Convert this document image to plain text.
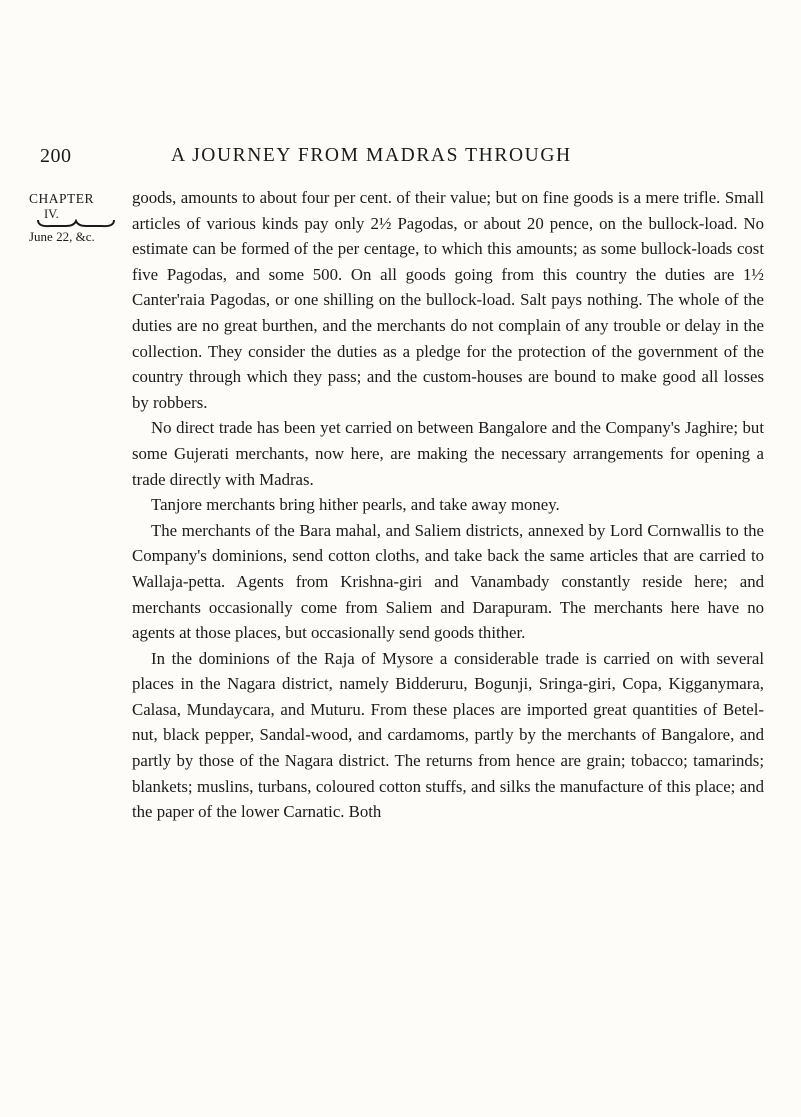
200	A JOURNEY FROM MADRAS THROUGH
CHAPTER
IV.
June 22, &c.

goods, amounts to about four per cent. of their value; but on fine goods is a mere trifle. Small articles of various kinds pay only 2½ Pagodas, or about 20 pence, on the bullock-load. No estimate can be formed of the per centage, to which this amounts; as some bullock-loads cost five Pagodas, and some 500. On all goods going from this country the duties are 1½ Canter'raia Pagodas, or one shilling on the bullock-load. Salt pays nothing. The whole of the duties are no great burthen, and the merchants do not complain of any trouble or delay in the collection. They consider the duties as a pledge for the protection of the government of the country through which they pass; and the custom-houses are bound to make good all losses by robbers.

No direct trade has been yet carried on between Bangalore and the Company's Jaghire; but some Gujerati merchants, now here, are making the necessary arrangements for opening a trade directly with Madras.

Tanjore merchants bring hither pearls, and take away money.

The merchants of the Bara mahal, and Saliem districts, annexed by Lord Cornwallis to the Company's dominions, send cotton cloths, and take back the same articles that are carried to Wallaja-petta. Agents from Krishna-giri and Vanambady constantly reside here; and merchants occasionally come from Saliem and Darapuram. The merchants here have no agents at those places, but occasionally send goods thither.

In the dominions of the Raja of Mysore a considerable trade is carried on with several places in the Nagara district, namely Bidderuru, Bogunji, Sringa-giri, Copa, Kigganymara, Calasa, Mundaycara, and Muturu. From these places are imported great quantities of Betel-nut, black pepper, Sandal-wood, and cardamoms, partly by the merchants of Bangalore, and partly by those of the Nagara district. The returns from hence are grain; tobacco; tamarinds; blankets; muslins, turbans, coloured cotton stuffs, and silks the manufacture of this place; and the paper of the lower Carnatic. Both
